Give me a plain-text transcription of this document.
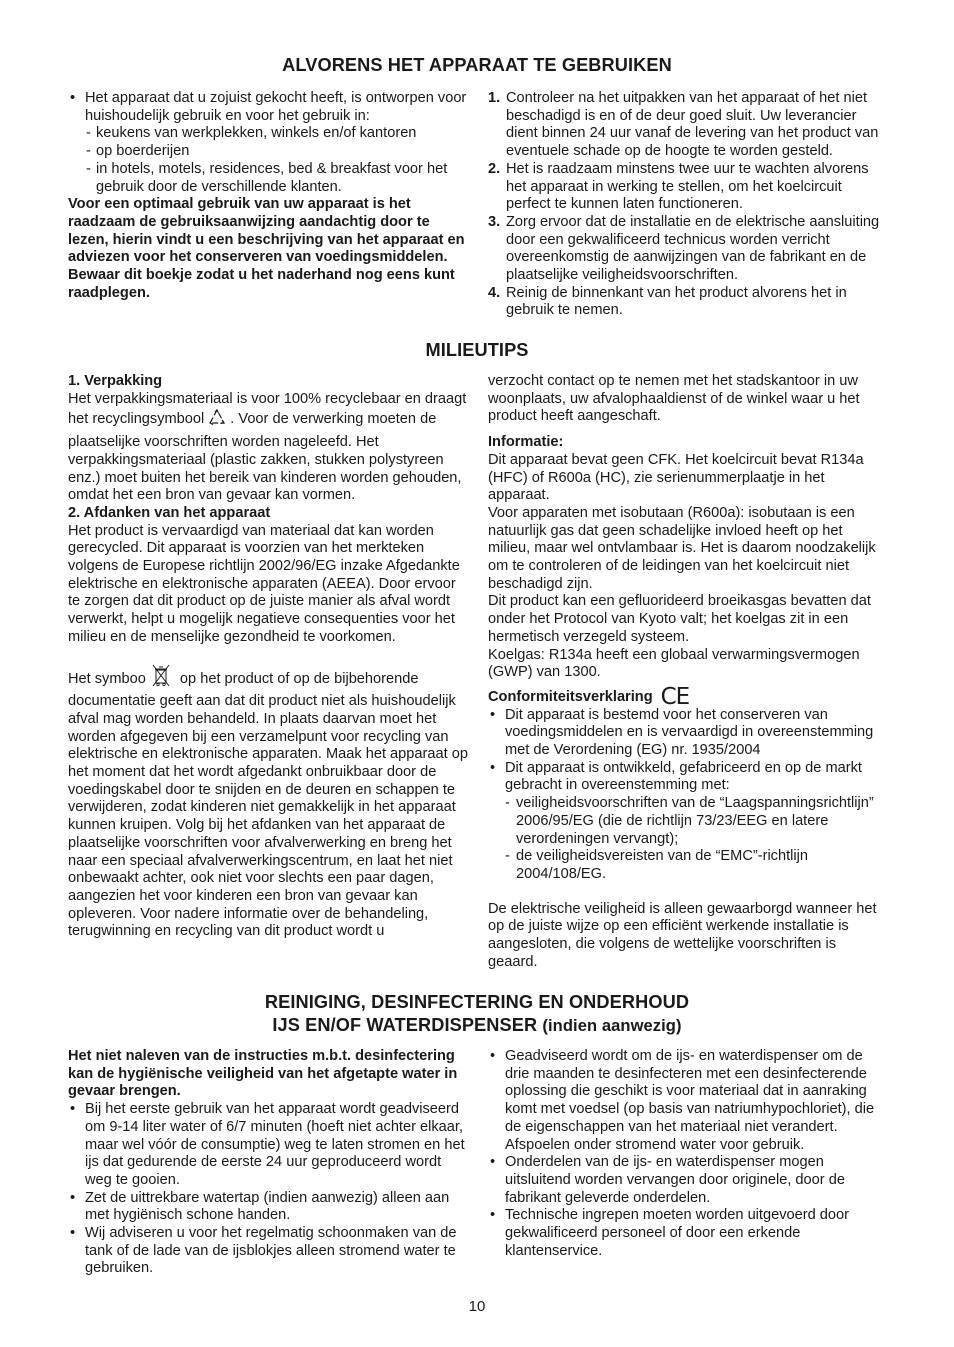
ALVORENS HET APPARAAT TE GEBRUIKEN

• Het apparaat dat u zojuist gekocht heeft, is ontworpen voor huishoudelijk gebruik en voor het gebruik in:

- keukens van werkplekken, winkels en/of kantoren

- op boerderijen

- in hotels, motels, residences, bed & breakfast voor het gebruik door de verschillende klanten.

Voor een optimaal gebruik van uw apparaat is het raadzaam de gebruiksaanwijzing aandachtig door te lezen, hierin vindt u een beschrijving van het apparaat en adviezen voor het conserveren van voedingsmiddelen.

Bewaar dit boekje zodat u het naderhand nog eens kunt raadplegen.

1. Controleer na het uitpakken van het apparaat of het niet beschadigd is en of de deur goed sluit. Uw leverancier dient binnen 24 uur vanaf de levering van het product van eventuele schade op de hoogte te worden gesteld.

2. Het is raadzaam minstens twee uur te wachten alvorens het apparaat in werking te stellen, om het koelcircuit perfect te kunnen laten functioneren.

3. Zorg ervoor dat de installatie en de elektrische aansluiting door een gekwalificeerd technicus worden verricht overeenkomstig de aanwijzingen van de fabrikant en de plaatselijke veiligheidsvoorschriften.

4. Reinig de binnenkant van het product alvorens het in gebruik te nemen.

MILIEUTIPS

1. Verpakking

Het verpakkingsmateriaal is voor 100% recyclebaar en draagt het recyclingsymbool . Voor de verwerking moeten de plaatselijke voorschriften worden nageleefd. Het verpakkingsmateriaal (plastic zakken, stukken polystyreen enz.) moet buiten het bereik van kinderen worden gehouden, omdat het een bron van gevaar kan vormen.

2. Afdanken van het apparaat

Het product is vervaardigd van materiaal dat kan worden gerecycled. Dit apparaat is voorzien van het merkteken volgens de Europese richtlijn 2002/96/EG inzake Afgedankte elektrische en elektronische apparaten (AEEA). Door ervoor te zorgen dat dit product op de juiste manier als afval wordt verwerkt, helpt u mogelijk negatieve consequenties voor het milieu en de menselijke gezondheid te voorkomen.

Het symboo op het product of op de bijbehorende documentatie geeft aan dat dit product niet als huishoudelijk afval mag worden behandeld. In plaats daarvan moet het worden afgegeven bij een verzamelpunt voor recycling van elektrische en elektronische apparaten. Maak het apparaat op het moment dat het wordt afgedankt onbruikbaar door de voedingskabel door te snijden en de deuren en schappen te verwijderen, zodat kinderen niet gemakkelijk in het apparaat kunnen kruipen. Volg bij het afdanken van het apparaat de plaatselijke voorschriften voor afvalverwerking en breng het naar een speciaal afvalverwerkingscentrum, en laat het niet onbewaakt achter, ook niet voor slechts een paar dagen, aangezien het voor kinderen een bron van gevaar kan opleveren. Voor nadere informatie over de behandeling, terugwinning en recycling van dit product wordt u

verzocht contact op te nemen met het stadskantoor in uw woonplaats, uw afvalophaaldienst of de winkel waar u het product heeft aangeschaft.

Informatie:

Dit apparaat bevat geen CFK. Het koelcircuit bevat R134a (HFC) of R600a (HC), zie serienummerplaatje in het apparaat.

Voor apparaten met isobutaan (R600a): isobutaan is een natuurlijk gas dat geen schadelijke invloed heeft op het milieu, maar wel ontvlambaar is. Het is daarom noodzakelijk om te controleren of de leidingen van het koelcircuit niet beschadigd zijn.

Dit product kan een gefluorideerd broeikasgas bevatten dat onder het Protocol van Kyoto valt; het koelgas zit in een hermetisch verzegeld systeem.

Koelgas: R134a heeft een globaal verwarmingsvermogen (GWP) van 1300.

Conformiteitsverklaring CE

• Dit apparaat is bestemd voor het conserveren van voedingsmiddelen en is vervaardigd in overeenstemming met de Verordening (EG) nr. 1935/2004

• Dit apparaat is ontwikkeld, gefabriceerd en op de markt gebracht in overeenstemming met:

- veiligheidsvoorschriften van de “Laagspanningsrichtlijn” 2006/95/EG (die de richtlijn 73/23/EEG en latere verordeningen vervangt);

- de veiligheidsvereisten van de “EMC”-richtlijn 2004/108/EG.

De elektrische veiligheid is alleen gewaarborgd wanneer het op de juiste wijze op een efficiënt werkende installatie is aangesloten, die volgens de wettelijke voorschriften is geaard.

REINIGING, DESINFECTERING EN ONDERHOUD
IJS EN/OF WATERDISPENSER (indien aanwezig)

Het niet naleven van de instructies m.b.t. desinfectering kan de hygiënische veiligheid van het afgetapte water in gevaar brengen.

• Bij het eerste gebruik van het apparaat wordt geadviseerd om 9-14 liter water of 6/7 minuten (hoeft niet achter elkaar, maar wel vóór de consumptie) weg te laten stromen en het ijs dat gedurende de eerste 24 uur geproduceerd wordt weg te gooien.

• Zet de uittrekbare watertap (indien aanwezig) alleen aan met hygiënisch schone handen.

• Wij adviseren u voor het regelmatig schoonmaken van de tank of de lade van de ijsblokjes alleen stromend water te gebruiken.

• Geadviseerd wordt om de ijs- en waterdispenser om de drie maanden te desinfecteren met een desinfecterende oplossing die geschikt is voor materiaal dat in aanraking komt met voedsel (op basis van natriumhypochloriet), die de eigenschappen van het materiaal niet verandert. Afspoelen onder stromend water voor gebruik.

• Onderdelen van de ijs- en waterdispenser mogen uitsluitend worden vervangen door originele, door de fabrikant geleverde onderdelen.

• Technische ingrepen moeten worden uitgevoerd door gekwalificeerd personeel of door een erkende klantenservice.

10
